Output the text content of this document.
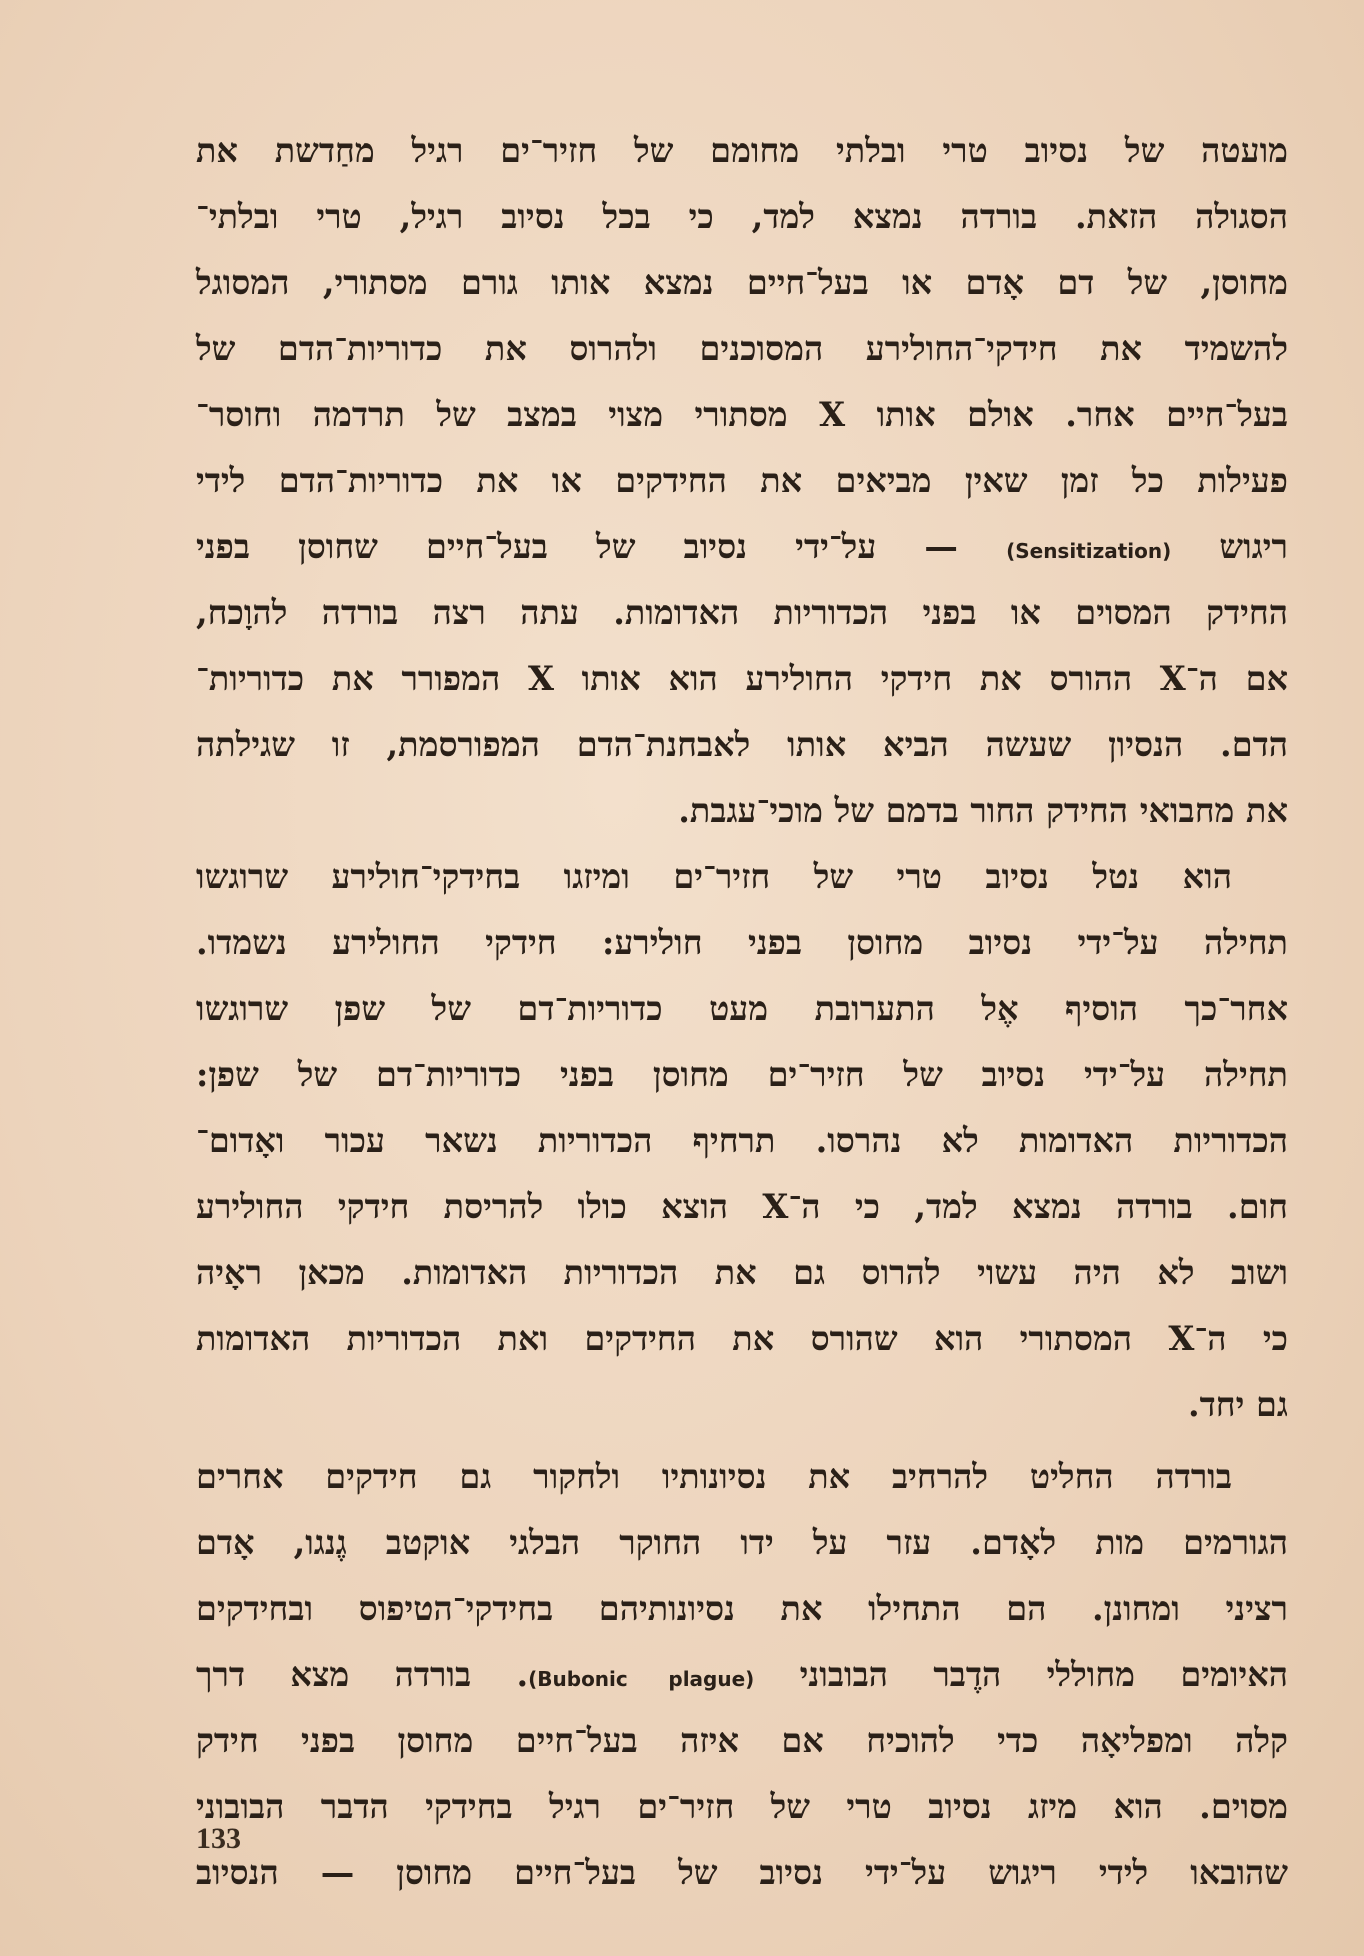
מועטה של נסיוב טרי ובלתי מחומם של חזיר־ים רגיל מחַדשת את
הסגולה הזאת. בורדה נמצא למד, כי בכל נסיוב רגיל, טרי ובלתי־
מחוסן, של דם אָדם או בעל־חיים נמצא אותו גורם מסתורי, המסוגל
להשמיד את חידקי־החולירע המסוכנים ולהרוס את כדוריות־הדם של
בעל־חיים אחר. אולם אותו X מסתורי מצוי במצב של תרדמה וחוסר־
פעילות כל זמן שאין מביאים את החידקים או את כדוריות־הדם לידי
ריגוש (Sensitization) — על־ידי נסיוב של בעל־חיים שחוסן בפני
החידק המסוים או בפני הכדוריות האדומות. עתה רצה בורדה להוָכח,
אם ה־X ההורס את חידקי החולירע הוא אותו X המפורר את כדוריות־
הדם. הנסיון שעשה הביא אותו לאבחנת־הדם המפורסמת, זו שגילתה
את מחבואי החידק החור בדמם של מוכי־עגבת.
הוא נטל נסיוב טרי של חזיר־ים ומיזגו בחידקי־חולירע שרוגשו
תחילה על־ידי נסיוב מחוסן בפני חולירע: חידקי החולירע נשמדו.
אחר־כך הוסיף אֶל התערובת מעט כדוריות־דם של שפן שרוגשו
תחילה על־ידי נסיוב של חזיר־ים מחוסן בפני כדוריות־דם של שפן:
הכדוריות האדומות לא נהרסו. תרחיף הכדוריות נשאר עכור ואָדום־
חום. בורדה נמצא למד, כי ה־X הוצא כולו להריסת חידקי החולירע
ושוב לא היה עשוי להרוס גם את הכדוריות האדומות. מכאן ראָיה
כי ה־X המסתורי הוא שהורס את החידקים ואת הכדוריות האדומות
גם יחד.
בורדה החליט להרחיב את נסיונותיו ולחקור גם חידקים אחרים
הגורמים מות לאָדם. עזר על ידו החוקר הבלגי אוקטב גֶנגו, אָדם
רציני ומחונן. הם התחילו את נסיונותיהם בחידקי־הטיפוס ובחידקים
האיומים מחוללי הדֶבר הבובוני (Bubonic plague). בורדה מצא דרך
קלה ומפליאָה כדי להוכיח אם איזה בעל־חיים מחוסן בפני חידק
מסוים. הוא מיזג נסיוב טרי של חזיר־ים רגיל בחידקי הדבר הבובוני
שהובאו לידי ריגוש על־ידי נסיוב של בעל־חיים מחוסן — הנסיוב
133
